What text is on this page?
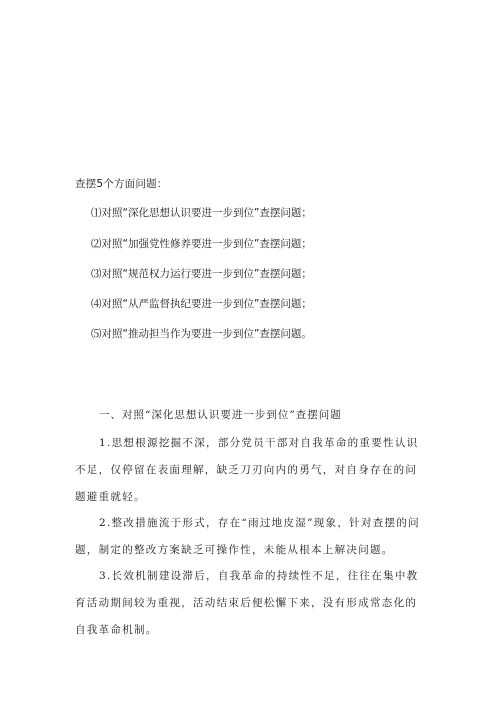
查摆5个方面问题：
⑴对照“深化思想认识要进一步到位”查摆问题；
⑵对照“加强党性修养要进一步到位”查摆问题；
⑶对照“规范权力运行要进一步到位”查摆问题；
⑷对照“从严监督执纪要进一步到位”查摆问题；
⑸对照“推动担当作为要进一步到位”查摆问题。
一、对照“深化思想认识要进一步到位”查摆问题

1.思想根源挖掘不深，部分党员干部对自我革命的重要性认识不足，仅停留在表面理解，缺乏刀刃向内的勇气，对自身存在的问题避重就轻。

2.整改措施流于形式，存在“雨过地皮湿”现象，针对查摆的问题，制定的整改方案缺乏可操作性，未能从根本上解决问题。

3.长效机制建设滞后，自我革命的持续性不足，往往在集中教育活动期间较为重视，活动结束后便松懈下来，没有形成常态化的自我革命机制。
